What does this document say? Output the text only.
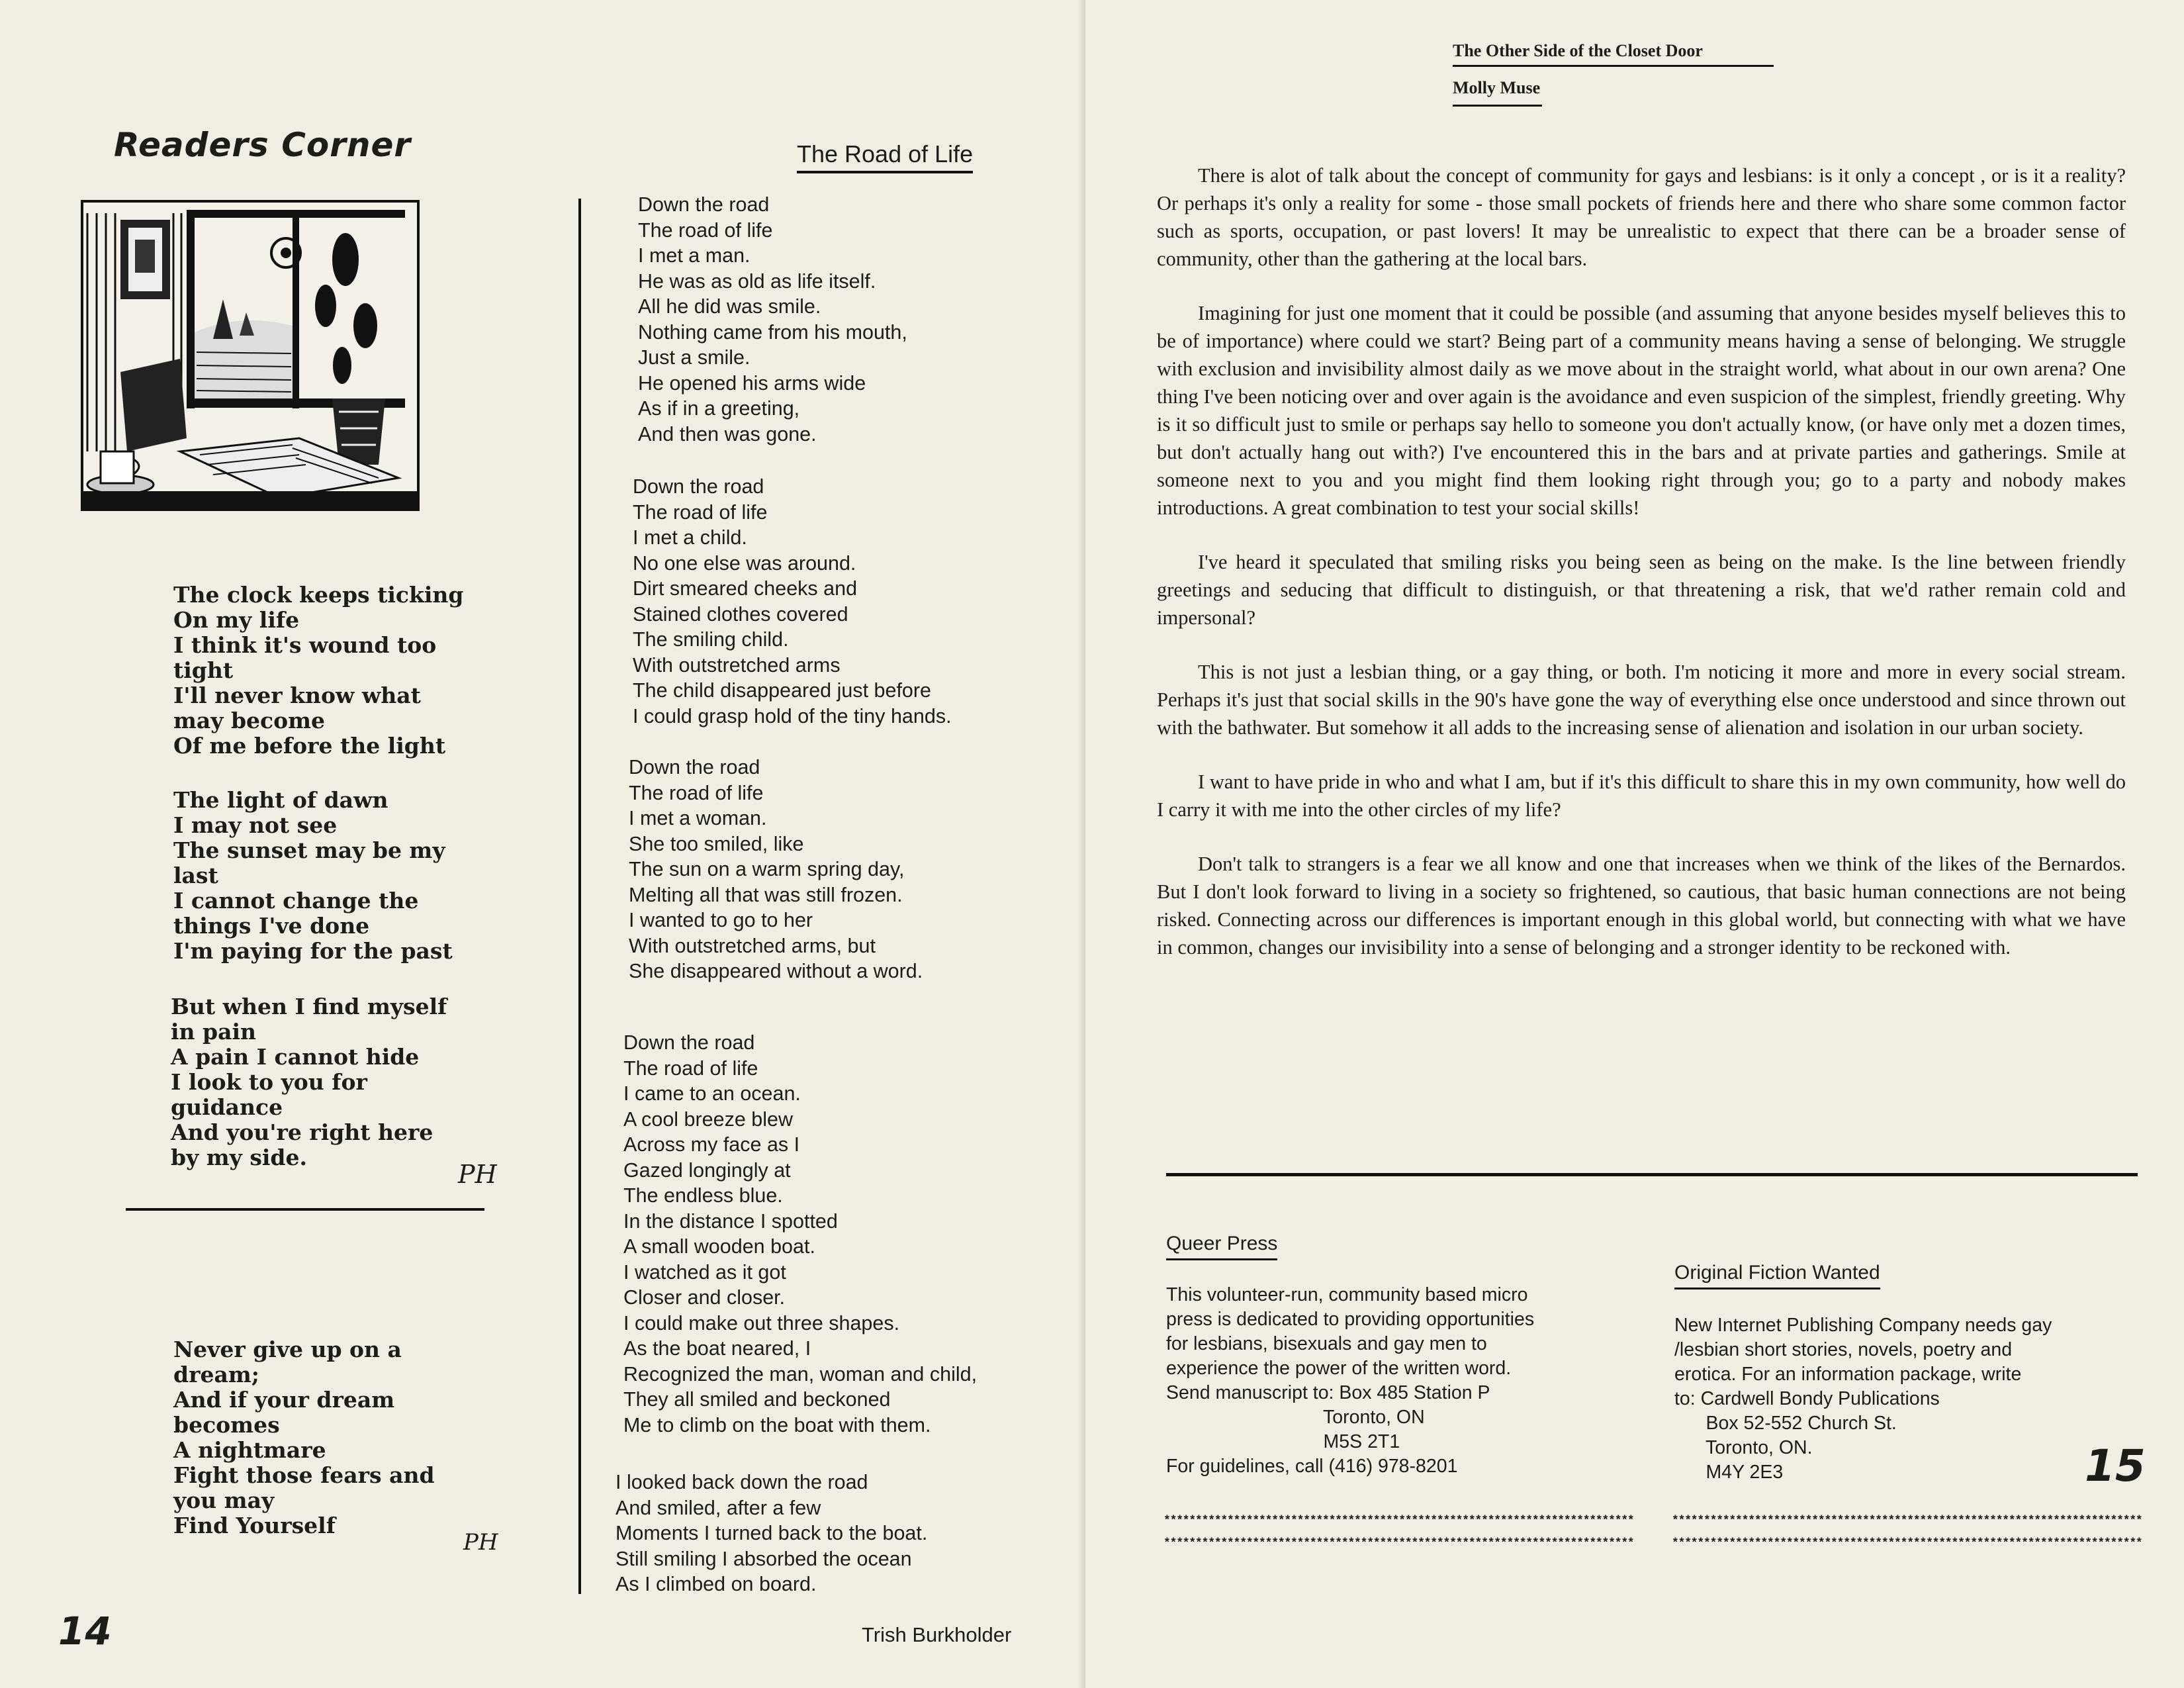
Readers Corner
The clock keeps ticking
On my life
I think it's wound too
tight
I'll never know what
may become
Of me before the light
The light of dawn
I may not see
The sunset may be my
last
I cannot change the
things I've done
I'm paying for the past
But when I find myself
in pain
A pain I cannot hide
I look to you for
guidance
And you're right here
by my side.
PH
Never give up on a
dream;
And if your dream
becomes
A nightmare
Fight those fears and
you may
Find Yourself
PH
The Road of Life
Down the road
The road of life
I met a man.
He was as old as life itself.
All he did was smile.
Nothing came from his mouth,
Just a smile.
He opened his arms wide
As if in a greeting,
And then was gone.
Down the road
The road of life
I met a child.
No one else was around.
Dirt smeared cheeks and
Stained clothes covered
The smiling child.
With outstretched arms
The child disappeared just before
I could grasp hold of the tiny hands.
Down the road
The road of life
I met a woman.
She too smiled, like
The sun on a warm spring day,
Melting all that was still frozen.
I wanted to go to her
With outstretched arms, but
She disappeared without a word.
Down the road
The road of life
I came to an ocean.
A cool breeze blew
Across my face as I
Gazed longingly at
The endless blue.
In the distance I spotted
A small wooden boat.
I watched as it got
Closer and closer.
I could make out three shapes.
As the boat neared, I
Recognized the man, woman and child,
They all smiled and beckoned
Me to climb on the boat with them.
I looked back down the road
And smiled, after a few
Moments I turned back to the boat.
Still smiling I absorbed the ocean
As I climbed on board.
Trish Burkholder
14
The Other Side of the Closet Door
Molly Muse

There is alot of talk about the concept of community for gays and lesbians: is it only a concept , or is it a reality? Or perhaps it's only a reality for some - those small pockets of friends here and there who share some common factor such as sports, occupation, or past lovers! It may be unrealistic to expect that there can be a broader sense of community, other than the gathering at the local bars.

Imagining for just one moment that it could be possible (and assuming that anyone besides myself believes this to be of importance) where could we start? Being part of a community means having a sense of belonging. We struggle with exclusion and invisibility almost daily as we move about in the straight world, what about in our own arena? One thing I've been noticing over and over again is the avoidance and even suspicion of the simplest, friendly greeting. Why is it so difficult just to smile or perhaps say hello to someone you don't actually know, (or have only met a dozen times, but don't actually hang out with?) I've encountered this in the bars and at private parties and gatherings. Smile at someone next to you and you might find them looking right through you; go to a party and nobody makes introductions. A great combination to test your social skills!

I've heard it speculated that smiling risks you being seen as being on the make. Is the line between friendly greetings and seducing that difficult to distinguish, or that threatening a risk, that we'd rather remain cold and impersonal?

This is not just a lesbian thing, or a gay thing, or both. I'm noticing it more and more in every social stream. Perhaps it's just that social skills in the 90's have gone the way of everything else once understood and since thrown out with the bathwater. But somehow it all adds to the increasing sense of alienation and isolation in our urban society.

I want to have pride in who and what I am, but if it's this difficult to share this in my own community, how well do I carry it with me into the other circles of my life?

Don't talk to strangers is a fear we all know and one that increases when we think of the likes of the Bernardos. But I don't look forward to living in a society so frightened, so cautious, that basic human connections are not being risked. Connecting across our differences is important enough in this global world, but connecting with what we have in common, changes our invisibility into a sense of belonging and a stronger identity to be reckoned with.

Queer Press
This volunteer-run, community based micro
press is dedicated to providing opportunities
for lesbians, bisexuals and gay men to
experience the power of the written word.
Send manuscript to: Box 485 Station P
Toronto, ON
M5S 2T1
For guidelines, call (416) 978-8201
**************************************************************************
**************************************************************************
Original Fiction Wanted
New Internet Publishing Company needs gay
/lesbian short stories, novels, poetry and
erotica. For an information package, write
to: Cardwell Bondy Publications
Box 52-552 Church St.
Toronto, ON.
M4Y 2E3
**************************************************************************
**************************************************************************
15
